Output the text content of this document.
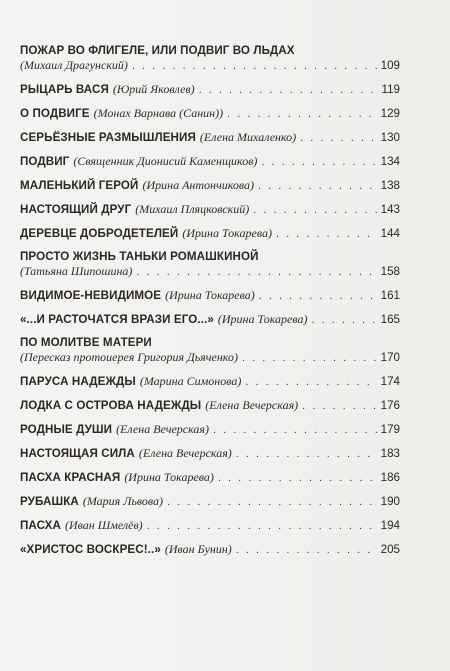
ПОЖАР ВО ФЛИГЕЛЕ, ИЛИ ПОДВИГ ВО ЛЬДАХ
(Михаил Драгунский) . . .	109
РЫЦАРЬ ВАСЯ (Юрий Яковлев) . . .	119
О ПОДВИГЕ (Монах Варнава (Санин)) . . .	129
СЕРЬЁЗНЫЕ РАЗМЫШЛЕНИЯ (Елена Михаленко) . . .	130
ПОДВИГ (Священник Дионисий Каменщиков) . . .	134
МАЛЕНЬКИЙ ГЕРОЙ (Ирина Антончикова) . . .	138
НАСТОЯЩИЙ ДРУГ (Михаил Пляцковский) . . .	143
ДЕРЕВЦЕ ДОБРОДЕТЕЛЕЙ (Ирина Токарева) . . .	144
ПРОСТО ЖИЗНЬ ТАНЬКИ РОМАШКИНОЙ
(Татьяна Шипошина) . . .	158
ВИДИМОЕ-НЕВИДИМОЕ (Ирина Токарева) . . .	161
«...И РАСТОЧАТСЯ ВРАЗИ ЕГО...» (Ирина Токарева) . . .	165
ПО МОЛИТВЕ МАТЕРИ
(Пересказ протоиерея Григория Дьяченко) . . .	170
ПАРУСА НАДЕЖДЫ (Марина Симонова) . . .	174
ЛОДКА С ОСТРОВА НАДЕЖДЫ (Елена Вечерская) . . .	176
РОДНЫЕ ДУШИ (Елена Вечерская) . . .	179
НАСТОЯЩАЯ СИЛА (Елена Вечерская) . . .	183
ПАСХА КРАСНАЯ (Ирина Токарева) . . .	186
РУБАШКА (Мария Львова) . . .	190
ПАСХА (Иван Шмелёв) . . .	194
«ХРИСТОС ВОСКРЕС!..» (Иван Бунин) . . .	205
